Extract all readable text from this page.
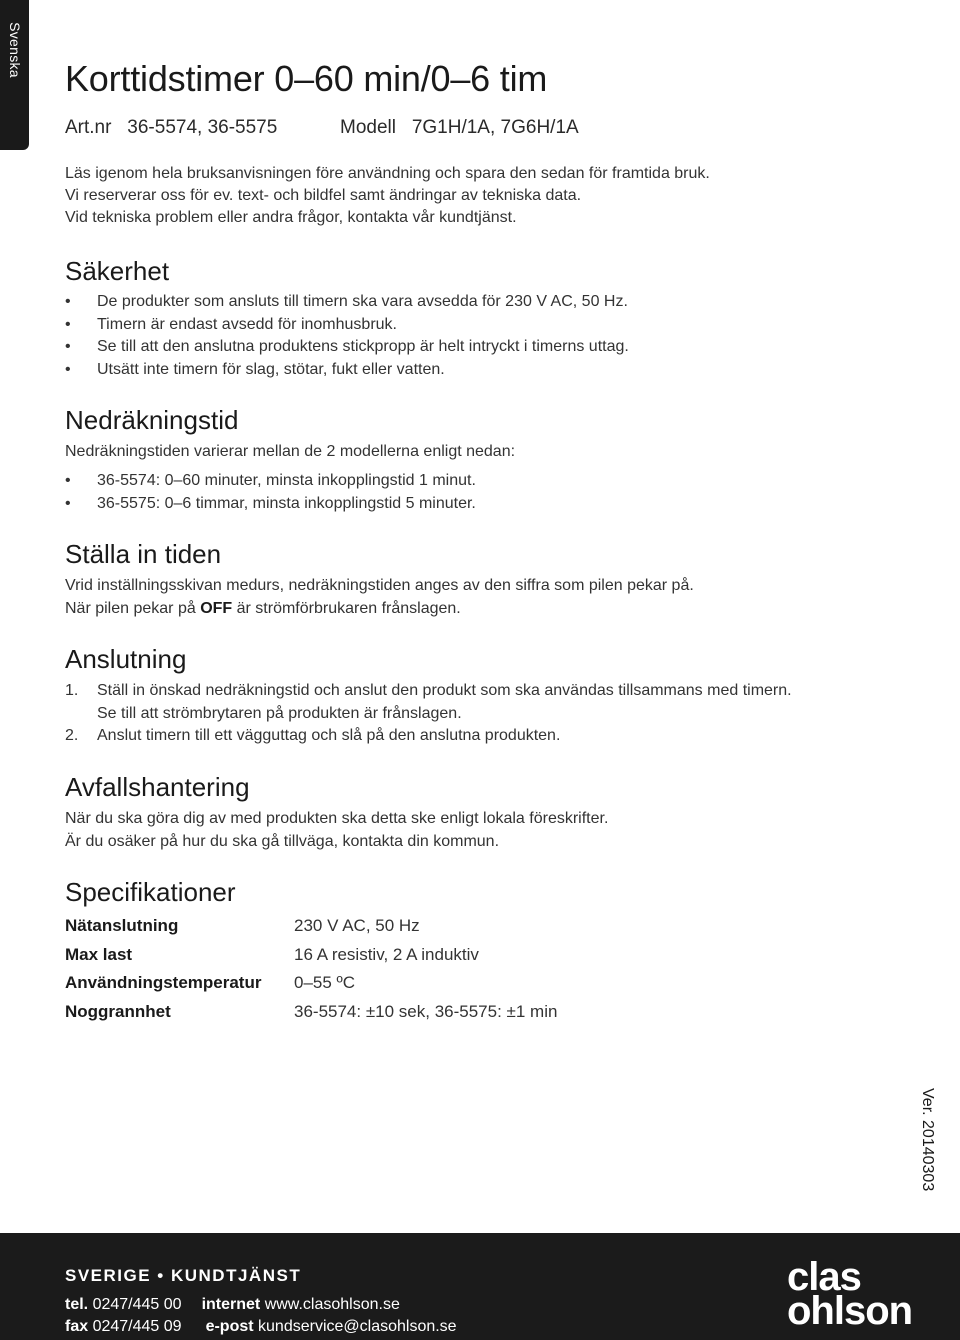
Svenska
Korttidstimer 0–60 min/0–6 tim
Art.nr 36-5574, 36-5575	Modell 7G1H/1A, 7G6H/1A
Läs igenom hela bruksanvisningen före användning och spara den sedan för framtida bruk.
Vi reserverar oss för ev. text- och bildfel samt ändringar av tekniska data.
Vid tekniska problem eller andra frågor, kontakta vår kundtjänst.
Säkerhet
• De produkter som ansluts till timern ska vara avsedda för 230 V AC, 50 Hz.
• Timern är endast avsedd för inomhusbruk.
• Se till att den anslutna produktens stickpropp är helt intryckt i timerns uttag.
• Utsätt inte timern för slag, stötar, fukt eller vatten.
Nedräkningstid
Nedräkningstiden varierar mellan de 2 modellerna enligt nedan:
• 36-5574: 0–60 minuter, minsta inkopplingstid 1 minut.
• 36-5575: 0–6 timmar, minsta inkopplingstid 5 minuter.
Ställa in tiden
Vrid inställningsskivan medurs, nedräkningstiden anges av den siffra som pilen pekar på.
När pilen pekar på OFF är strömförbrukaren frånslagen.
Anslutning
1. Ställ in önskad nedräkningstid och anslut den produkt som ska användas tillsammans med timern.
Se till att strömbrytaren på produkten är frånslagen.
2. Anslut timern till ett vägguttag och slå på den anslutna produkten.
Avfallshantering
När du ska göra dig av med produkten ska detta ske enligt lokala föreskrifter.
Är du osäker på hur du ska gå tillväga, kontakta din kommun.
Specifikationer
Nätanslutning	230 V AC, 50 Hz
Max last	16 A resistiv, 2 A induktiv
Användningstemperatur	0–55 ºC
Noggrannhet	36-5574: ±10 sek, 36-5575: ±1 min
Ver. 20140303
SVERIGE • KUNDTJÄNST
tel. 0247/445 00 internet www.clasohlson.se
fax 0247/445 09 e-post kundservice@clasohlson.se
clas
ohlson
